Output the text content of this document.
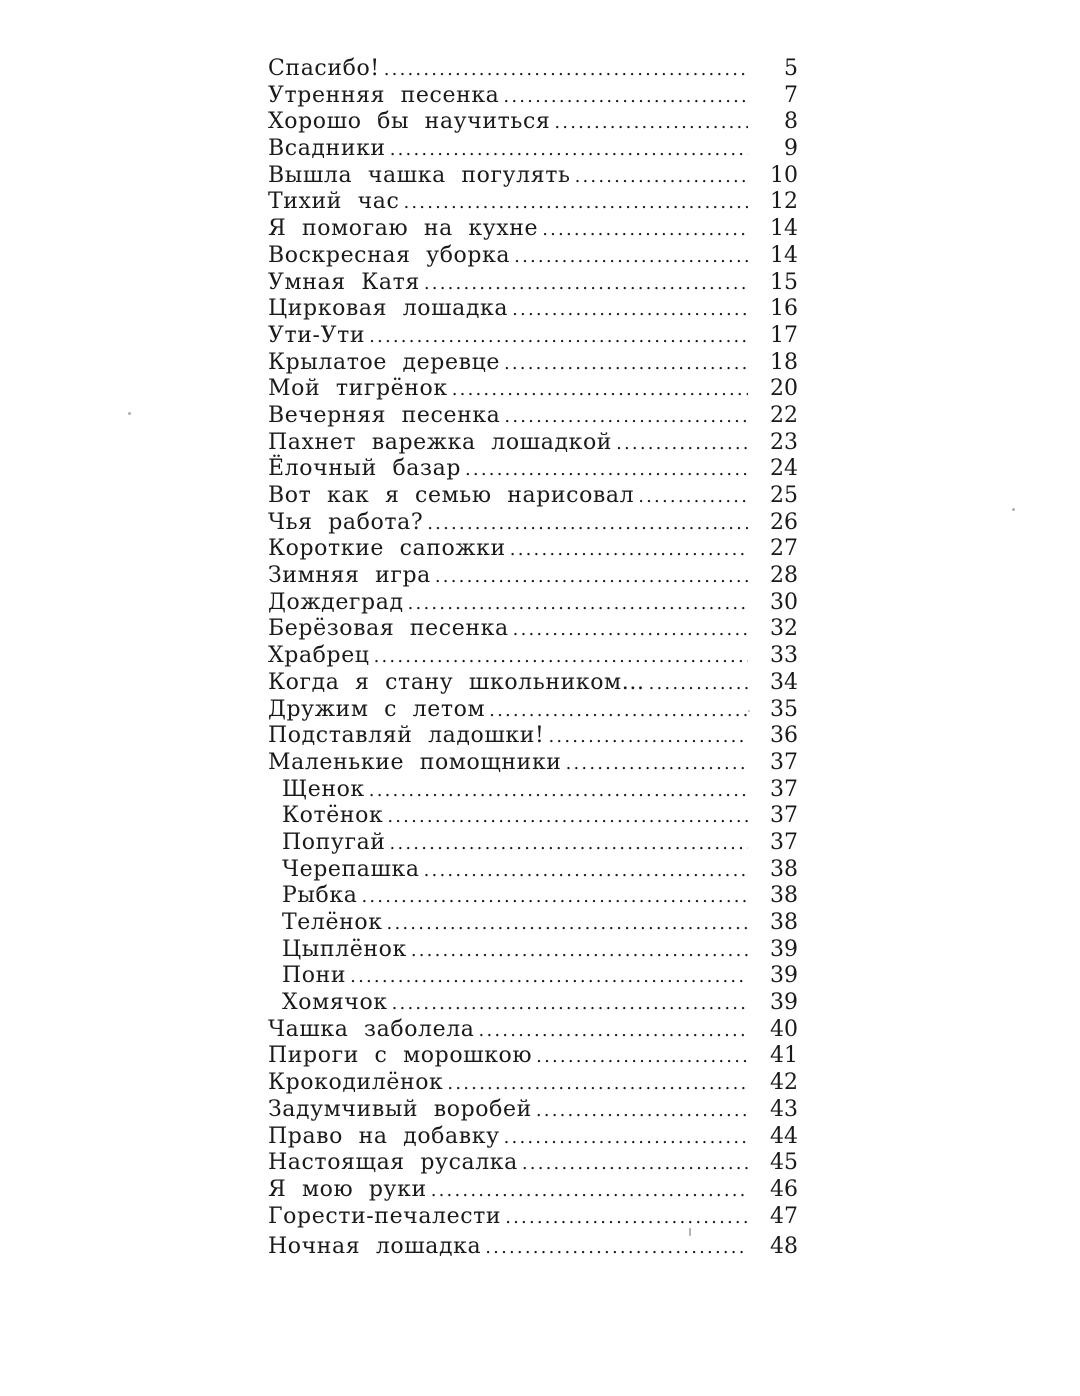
Спасибо! .....	5
Утренняя песенка .....	7
Хорошо бы научиться .....	8
Всадники .....	9
Вышла чашка погулять .....	10
Тихий час .....	12
Я помогаю на кухне .....	14
Воскресная уборка .....	14
Умная Катя .....	15
Цирковая лошадка .....	16
Ути-Ути .....	17
Крылатое деревце .....	18
Мой тигрёнок .....	20
Вечерняя песенка .....	22
Пахнет варежка лошадкой .....	23
Ёлочный базар .....	24
Вот как я семью нарисовал .....	25
Чья работа? .....	26
Короткие сапожки .....	27
Зимняя игра .....	28
Дождеград .....	30
Берёзовая песенка .....	32
Храбрец .....	33
Когда я стану школьником... .....	34
Дружим с летом .....	35
Подставляй ладошки! .....	36
Маленькие помощники .....	37
Щенок .....	37
Котёнок .....	37
Попугай .....	37
Черепашка .....	38
Рыбка .....	38
Телёнок .....	38
Цыплёнок .....	39
Пони .....	39
Хомячок .....	39
Чашка заболела .....	40
Пироги с морошкою .....	41
Крокодилёнок .....	42
Задумчивый воробей .....	43
Право на добавку .....	44
Настоящая русалка .....	45
Я мою руки .....	46
Горести-печалести .....	47
Ночная лошадка .....	48
